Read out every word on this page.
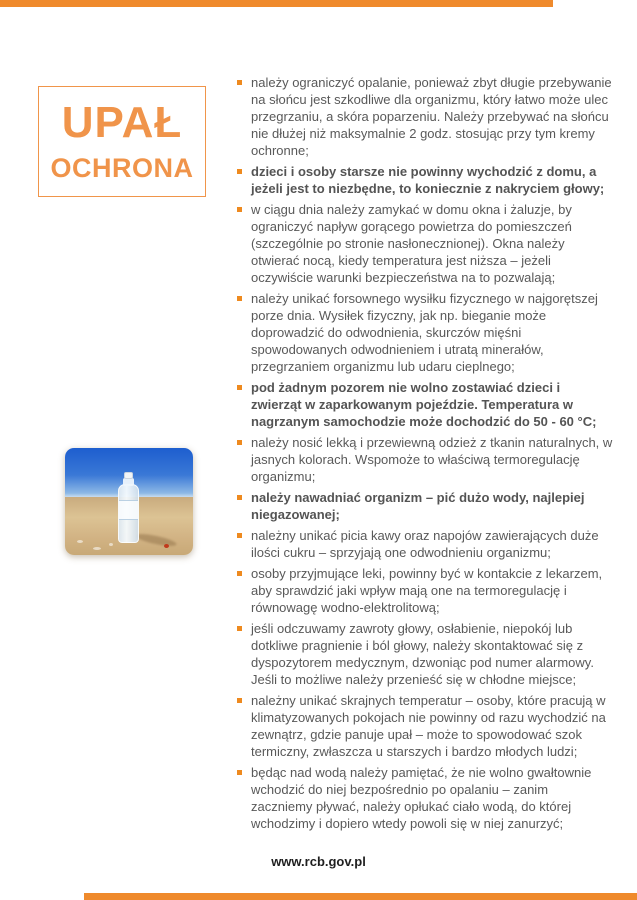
UPAŁ
OCHRONA
należy ograniczyć opalanie, ponieważ zbyt długie przebywanie na słońcu jest szkodliwe dla organizmu, który łatwo może ulec przegrzaniu, a skóra poparzeniu. Należy przebywać na słońcu nie dłużej niż maksymalnie 2 godz. stosując przy tym kremy ochronne;
dzieci i osoby starsze nie powinny wychodzić z domu, a jeżeli jest to niezbędne, to koniecznie z nakryciem głowy;
w ciągu dnia należy zamykać w domu okna i żaluzje, by ograniczyć napływ gorącego powietrza do pomieszczeń (szczególnie po stronie nasłonecznionej). Okna należy otwierać nocą, kiedy temperatura jest niższa – jeżeli oczywiście warunki bezpieczeństwa na to pozwalają;
należy unikać forsownego wysiłku fizycznego w najgorętszej porze dnia. Wysiłek fizyczny, jak np. bieganie może doprowadzić do odwodnienia, skurczów mięśni spowodowanych odwodnieniem i utratą minerałów, przegrzaniem organizmu lub udaru cieplnego;
pod żadnym pozorem nie wolno zostawiać dzieci i zwierząt w zaparkowanym pojeździe. Temperatura w nagrzanym samochodzie może dochodzić do 50 - 60 °C;
należy nosić lekką i przewiewną odzież z tkanin naturalnych, w jasnych kolorach. Wspomoże to właściwą termoregulację organizmu;
należy nawadniać organizm – pić dużo wody, najlepiej niegazowanej;
należny unikać picia kawy oraz napojów zawierających duże ilości cukru – sprzyjają one odwodnieniu organizmu;
osoby przyjmujące leki, powinny być w kontakcie z lekarzem, aby sprawdzić jaki wpływ mają one na termoregulację i równowagę wodno-elektrolitową;
jeśli odczuwamy zawroty głowy, osłabienie, niepokój lub dotkliwe pragnienie i ból głowy, należy skontaktować się z dyspozytorem medycznym, dzwoniąc pod numer alarmowy. Jeśli to możliwe należy przenieść się w chłodne miejsce;
należny unikać skrajnych temperatur – osoby, które pracują w klimatyzowanych pokojach nie powinny od razu wychodzić na zewnątrz, gdzie panuje upał – może to spowodować szok termiczny, zwłaszcza u starszych i bardzo młodych ludzi;
będąc nad wodą należy pamiętać, że nie wolno gwałtownie wchodzić do niej bezpośrednio po opalaniu – zanim zaczniemy pływać, należy opłukać ciało wodą, do której wchodzimy i dopiero wtedy powoli się w niej zanurzyć;
www.rcb.gov.pl
